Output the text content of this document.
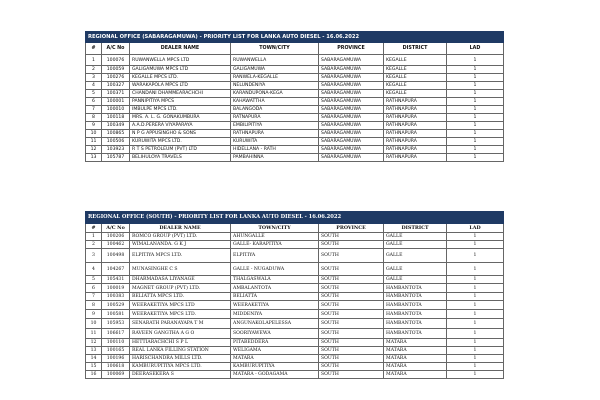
REGIONAL OFFICE (SABARAGAMUWA) - PRIORITY LIST FOR LANKA AUTO DIESEL - 16.06.2022						
#	A/C No	DEALER NAME	TOWN/CITY	PROVINCE	DISTRICT	LAD
1	100076	RUWANWELLA MPCS LTD	RUWANWELLA	SABARAGAMUWA	KEGALLE	1
2	100059	GALIGAMUWA MPCS LTD	GALIGAMUWA	SABARAGAMUWA	KEGALLE	1
3	100276	KEGALLE MPCS LTD.	RANWELA-KEGALLE	SABARAGAMUWA	KEGALLE	1
4	100327	WARAKAPOLA MPCS LTD	NELUNDENIYA	SABARAGAMUWA	KEGALLE	1
5	100371	CHANDANI DHAMMEARACHCHI	KARANDUPONA-KEGA	SABARAGAMUWA	KEGALLE	1
6	100001	PANNIPITIYA MPCS	KAHAWATTHA	SABARAGAMUWA	RATHNAPURA	1
7	100010	IMBULPE MPCS LTD.	BALANGODA	SABARAGAMUWA	RATHNAPURA	1
8	100118	MRS. A. L. G. GONAKUMBURA	RATNAPURA	SABARAGAMUWA	RATHNAPURA	1
9	100349	A.A.D.PERERA VIYAPARAYA	EMBILIPITIYA	SABARAGAMUWA	RATHNAPURA	1
10	100865	N P G APPUSINGHO & SONS	RATHNAPURA	SABARAGAMUWA	RATHNAPURA	1
11	100506	KURUWITA MPCS LTD.	KURUWITA	SABARAGAMUWA	RATHNAPURA	1
12	103923	R T S PETROLEUM (PVT) LTD	HIDELLANA - RATH	SABARAGAMUWA	RATHNAPURA	1
13	105787	BELIHULOYA TRAVELS	PAMBAHINNA	SABARAGAMUWA	RATHNAPURA	1
REGIONAL OFFICE (SOUTH) - PRIORITY LIST FOR LANKA AUTO DIESEL - 16.06.2022						
#	A/C No	DEALER NAME	TOWN/CITY	PROVINCE	DISTRICT	LAD
1	100206	ROMCO GROUP (PVT) LTD.	AHUNGALLE	SOUTH	GALLE	1
2	100462	WIMALANANDA. G K J	GALLE- KARAPITIYA	SOUTH	GALLE	1
3	100498	ELPITIYA MPCS LTD.	ELPITIYA	SOUTH	GALLE	1
4	104267	MUNASINGHE C S	GALLE - NUGADUWA	SOUTH	GALLE	1
5	105431	DHARMADASA LIYANAGE	THALGASWALA	SOUTH	GALLE	1
6	100019	MAGNET GROUP (PVT) LTD.	AMBALANTOTA	SOUTH	HAMBANTOTA	1
7	100383	BELIATTA MPCS LTD.	BELIATTA	SOUTH	HAMBANTOTA	1
8	100529	WEERAKETIYA MPCS LTD	WEERAKETIYA	SOUTH	HAMBANTOTA	1
9	100581	WEERAKETIYA MPCS LTD.	MIDDENIYA	SOUTH	HAMBANTOTA	1
10	105953	SENARATH PARANAYAPA T M	ANGUNAKOLAPELESSA	SOUTH	HAMBANTOTA	1
11	106617	RAVEEN GANGTHA A G O	SOORIYAWEWA	SOUTH	HAMBANTOTA	1
12	100110	HETTIARACHCHI S P L	PITABEDDERA	SOUTH	MATARA	1
13	100165	REAL LANKA FILLING STATION	WELIGAMA	SOUTH	MATARA	1
14	100196	HARISCHANDRA MILLS LTD.	MATARA	SOUTH	MATARA	1
15	100618	KAMBURUPITIYA MPCS LTD.	KAMBURUPITIYA	SOUTH	MATARA	1
16	100069	DEERASEKERA S	MATARA - GODAGAMA	SOUTH	MATARA	1
